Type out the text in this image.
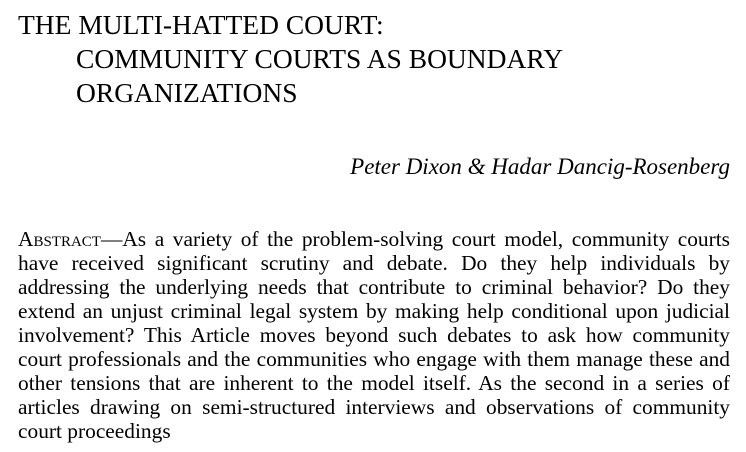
THE MULTI-HATTED COURT:
COMMUNITY COURTS AS BOUNDARY
ORGANIZATIONS
Peter Dixon & Hadar Dancig-Rosenberg

Abstract—As a variety of the problem-solving court model, community courts have received significant scrutiny and debate. Do they help individuals by addressing the underlying needs that contribute to criminal behavior? Do they extend an unjust criminal legal system by making help conditional upon judicial involvement? This Article moves beyond such debates to ask how community court professionals and the communities who engage with them manage these and other tensions that are inherent to the model itself. As the second in a series of articles drawing on semi-structured interviews and observations of community court proceedings
